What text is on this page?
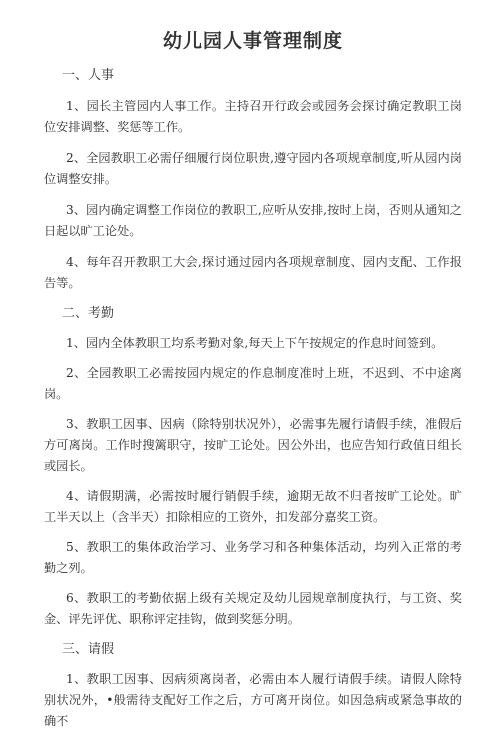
幼儿园人事管理制度
一、人事

1、园长主管园内人事工作。主持召开行政会或园务会探讨确定教职工岗位安排调整、奖惩等工作。

2、全园教职工必需仔细履行岗位职贵,遵守园内各项规章制度,听从园内岗位调整安排。

3、园内确定调整工作岗位的教职工,应听从安排,按时上岗，否则从通知之日起以旷工论处。

4、每年召开教职工大会,探讨通过园内各项规章制度、园内支配、工作报告等。

二、考勤

1、园内全体教职工均系考勤对象,每天上下午按规定的作息时间签到。

2、全园教职工必需按园内规定的作息制度准时上班，不迟到、不中途离岗。

3、教职工因事、因病（除特别状况外），必需事先履行请假手续，准假后方可离岗。工作时搜篱职守，按旷工论处。因公外出，也应告知行政值日组长或园长。

4、请假期满，必需按时履行销假手续，逾期无故不归者按旷工论处。旷工半天以上（含半天）扣除相应的工资外，扣发部分嘉奖工资。

5、教职工的集体政治学习、业务学习和各种集体活动，均列入正常的考勤之列。

6、教职工的考勤依据上级有关规定及幼儿园规章制度执行，与工资、奖金、评先评优、职称评定挂钩，做到奖惩分明。

三、请假

1、教职工因事、因病须离岗者，必需由本人履行请假手续。请假人除特别状况外，•般需待支配好工作之后，方可离开岗位。如因急病或紧急事故的确不
